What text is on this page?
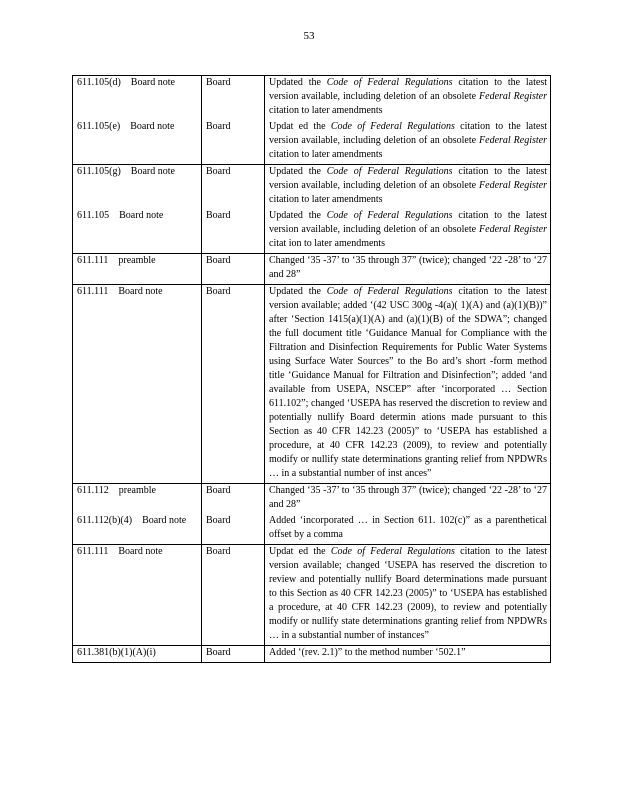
53
611.105(d)    Board note	Board	Updated the Code of Federal Regulations citation to the latest version available, including deletion of an obsolete Federal Register citation to later amendments
611.105(e)    Board note	Board	Updat ed the Code of Federal Regulations citation to the latest version available, including deletion of an obsolete Federal Register citation to later amendments
611.105(g)    Board note	Board	Updated the Code of Federal Regulations citation to the latest version available, including deletion of an obsolete Federal Register citation to later amendments
611.105    Board note	Board	Updated the Code of Federal Regulations citation to the latest version available, including deletion of an obsolete Federal Register citat ion to later amendments
611.111    preamble	Board	Changed ‘35 -37’ to ‘35 through 37” (twice); changed ‘22 -28’ to ‘27 and 28”
611.111    Board note	Board	Updated the Code of Federal Regulations citation to the latest version available; added ‘(42 USC 300g -4(a)( 1)(A) and (a)(1)(B))” after ‘Section 1415(a)(1)(A) and (a)(1)(B) of the SDWA”; changed the full document title ‘Guidance Manual for Compliance with the Filtration and Disinfection Requirements for Public Water Systems using Surface Water Sources” to the Bo ard’s short -form method title ‘Guidance Manual for Filtration and Disinfection”; added ‘and available from USEPA, NSCEP” after ‘incorporated … Section 611.102”; changed ‘USEPA has reserved the discretion to review and potentially nullify Board determin ations made pursuant to this Section as 40 CFR 142.23 (2005)” to ‘USEPA has established a procedure, at 40 CFR 142.23 (2009), to review and potentially modify or nullify state determinations granting relief from NPDWRs … in a substantial number of inst ances”
611.112    preamble	Board	Changed ‘35 -37’ to ‘35 through 37” (twice); changed ‘22 -28’ to ‘27 and 28”
611.112(b)(4)    Board note	Board	Added ‘incorporated … in Section 611. 102(c)” as a parenthetical offset by a comma
611.111    Board note	Board	Updat ed the Code of Federal Regulations citation to the latest version available; changed ‘USEPA has reserved the discretion to review and potentially nullify Board determinations made pursuant to this Section as 40 CFR 142.23 (2005)” to ‘USEPA has established a procedure, at 40 CFR 142.23 (2009), to review and potentially modify or nullify state determinations granting relief from NPDWRs … in a substantial number of instances”
611.381(b)(1)(A)(i)	Board	Added ‘(rev. 2.1)” to the method number ‘502.1”
